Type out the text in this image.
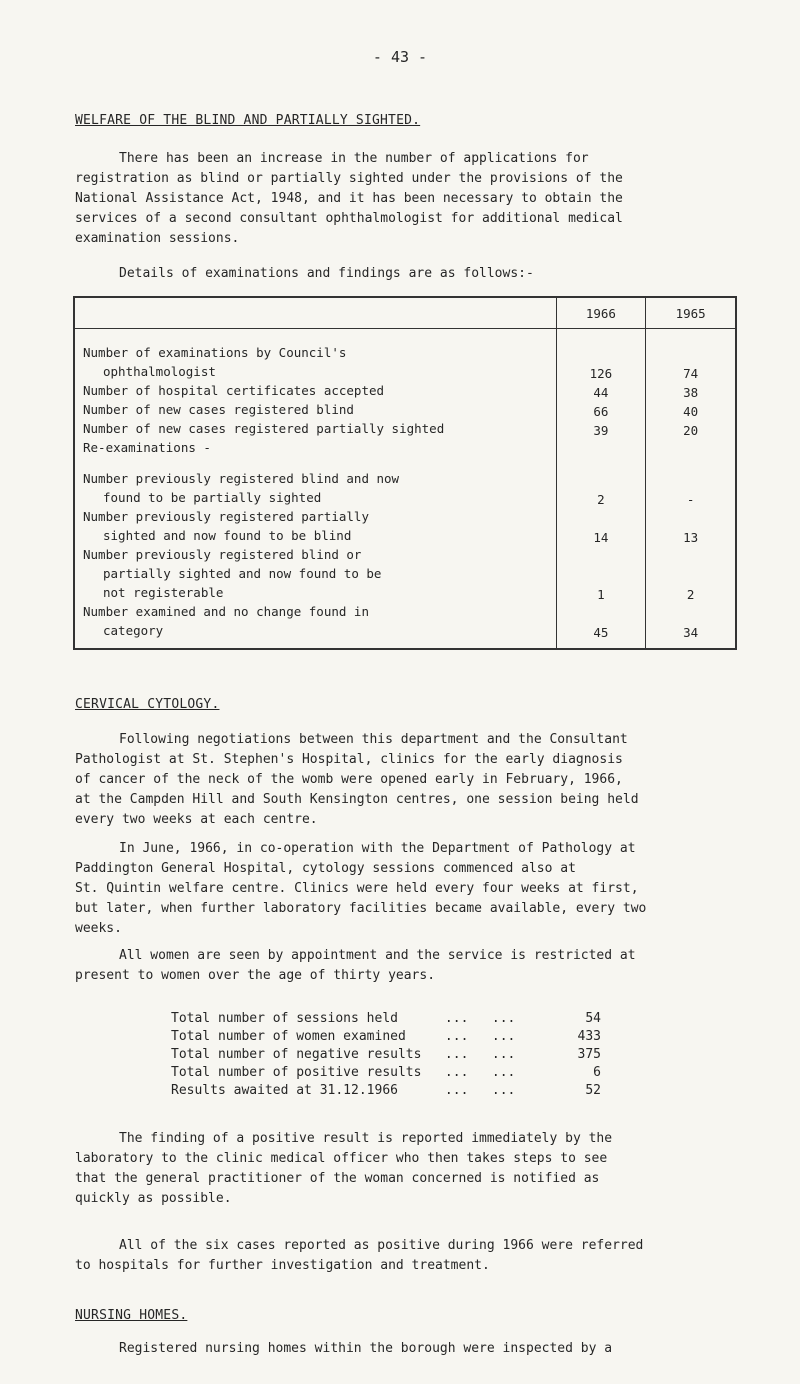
- 43 -
WELFARE OF THE BLIND AND PARTIALLY SIGHTED.
There has been an increase in the number of applications for
registration as blind or partially sighted under the provisions of the
National Assistance Act, 1948, and it has been necessary to obtain the
services of a second consultant ophthalmologist for additional medical
examination sessions.
Details of examinations and findings are as follows:-
	1966	1965

Number of examinations by Council's
ophthalmologist	126	74

Number of hospital certificates accepted	44	38

Number of new cases registered blind	66	40

Number of new cases registered partially sighted	39	20

Re-examinations -		

Number previously registered blind and now
found to be partially sighted	2	-

Number previously registered partially
sighted and now found to be blind	14	13

Number previously registered blind or
partially sighted and now found to be
not registerable	1	2

Number examined and no change found in
category	45	34
CERVICAL CYTOLOGY.
Following negotiations between this department and the Consultant
Pathologist at St. Stephen's Hospital, clinics for the early diagnosis
of cancer of the neck of the womb were opened early in February, 1966,
at the Campden Hill and South Kensington centres, one session being held
every two weeks at each centre.
In June, 1966, in co-operation with the Department of Pathology at
Paddington General Hospital, cytology sessions commenced also at
St. Quintin welfare centre. Clinics were held every four weeks at first,
but later, when further laboratory facilities became available, every two
weeks.
All women are seen by appointment and the service is restricted at
present to women over the age of thirty years.
Total number of sessions held      ...   ...	54
Total number of women examined     ...   ...	433
Total number of negative results   ...   ...	375
Total number of positive results   ...   ...	6
Results awaited at 31.12.1966      ...   ...	52
The finding of a positive result is reported immediately by the
laboratory to the clinic medical officer who then takes steps to see
that the general practitioner of the woman concerned is notified as
quickly as possible.
All of the six cases reported as positive during 1966 were referred
to hospitals for further investigation and treatment.
NURSING HOMES.
Registered nursing homes within the borough were inspected by a
